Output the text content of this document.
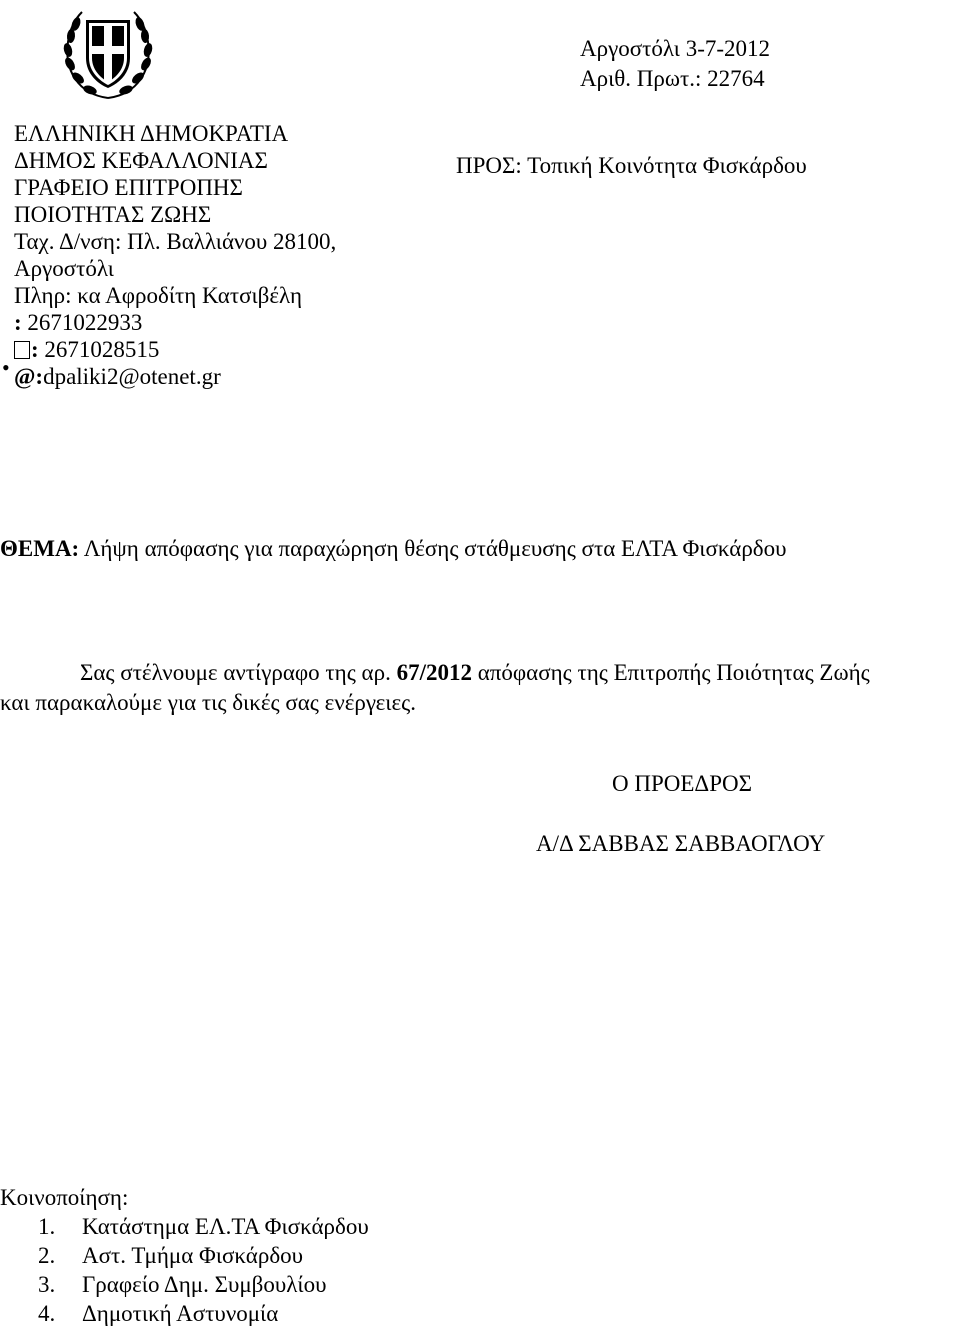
ΕΛΛΗΝΙΚΗ ΔΗΜΟΚΡΑΤΙΑ
ΔΗΜΟΣ ΚΕΦΑΛΛΟΝΙΑΣ
ΓΡΑΦΕΙΟ ΕΠΙΤΡΟΠΗΣ
ΠΟΙΟΤΗΤΑΣ ΖΩΗΣ
Ταχ. Δ/νση: Πλ. Βαλλιάνου 28100,
Αργοστόλι
Πληρ: κα Αφροδίτη Κατσιβέλη
: 2671022933
: 2671028515
@:dpaliki2@otenet.gr
•
Αργοστόλι 3-7-2012
Αριθ. Πρωτ.: 22764
ΠΡΟΣ: Τοπική Κοινότητα Φισκάρδου
ΘΕΜΑ: Λήψη απόφασης για παραχώρηση θέσης στάθμευσης στα ΕΛΤΑ Φισκάρδου
Σας στέλνουμε αντίγραφο της αρ. 67/2012 απόφασης της Επιτροπής Ποιότητας Ζωής
και παρακαλούμε για τις δικές σας ενέργειες.
Ο ΠΡΟΕΔΡΟΣ
Α/Δ ΣΑΒΒΑΣ ΣΑΒΒΑΟΓΛΟΥ
Κοινοποίηση:
1. Κατάστημα ΕΛ.ΤΑ Φισκάρδου
2. Αστ. Τμήμα Φισκάρδου
3. Γραφείο Δημ. Συμβουλίου
4. Δημοτική Αστυνομία
